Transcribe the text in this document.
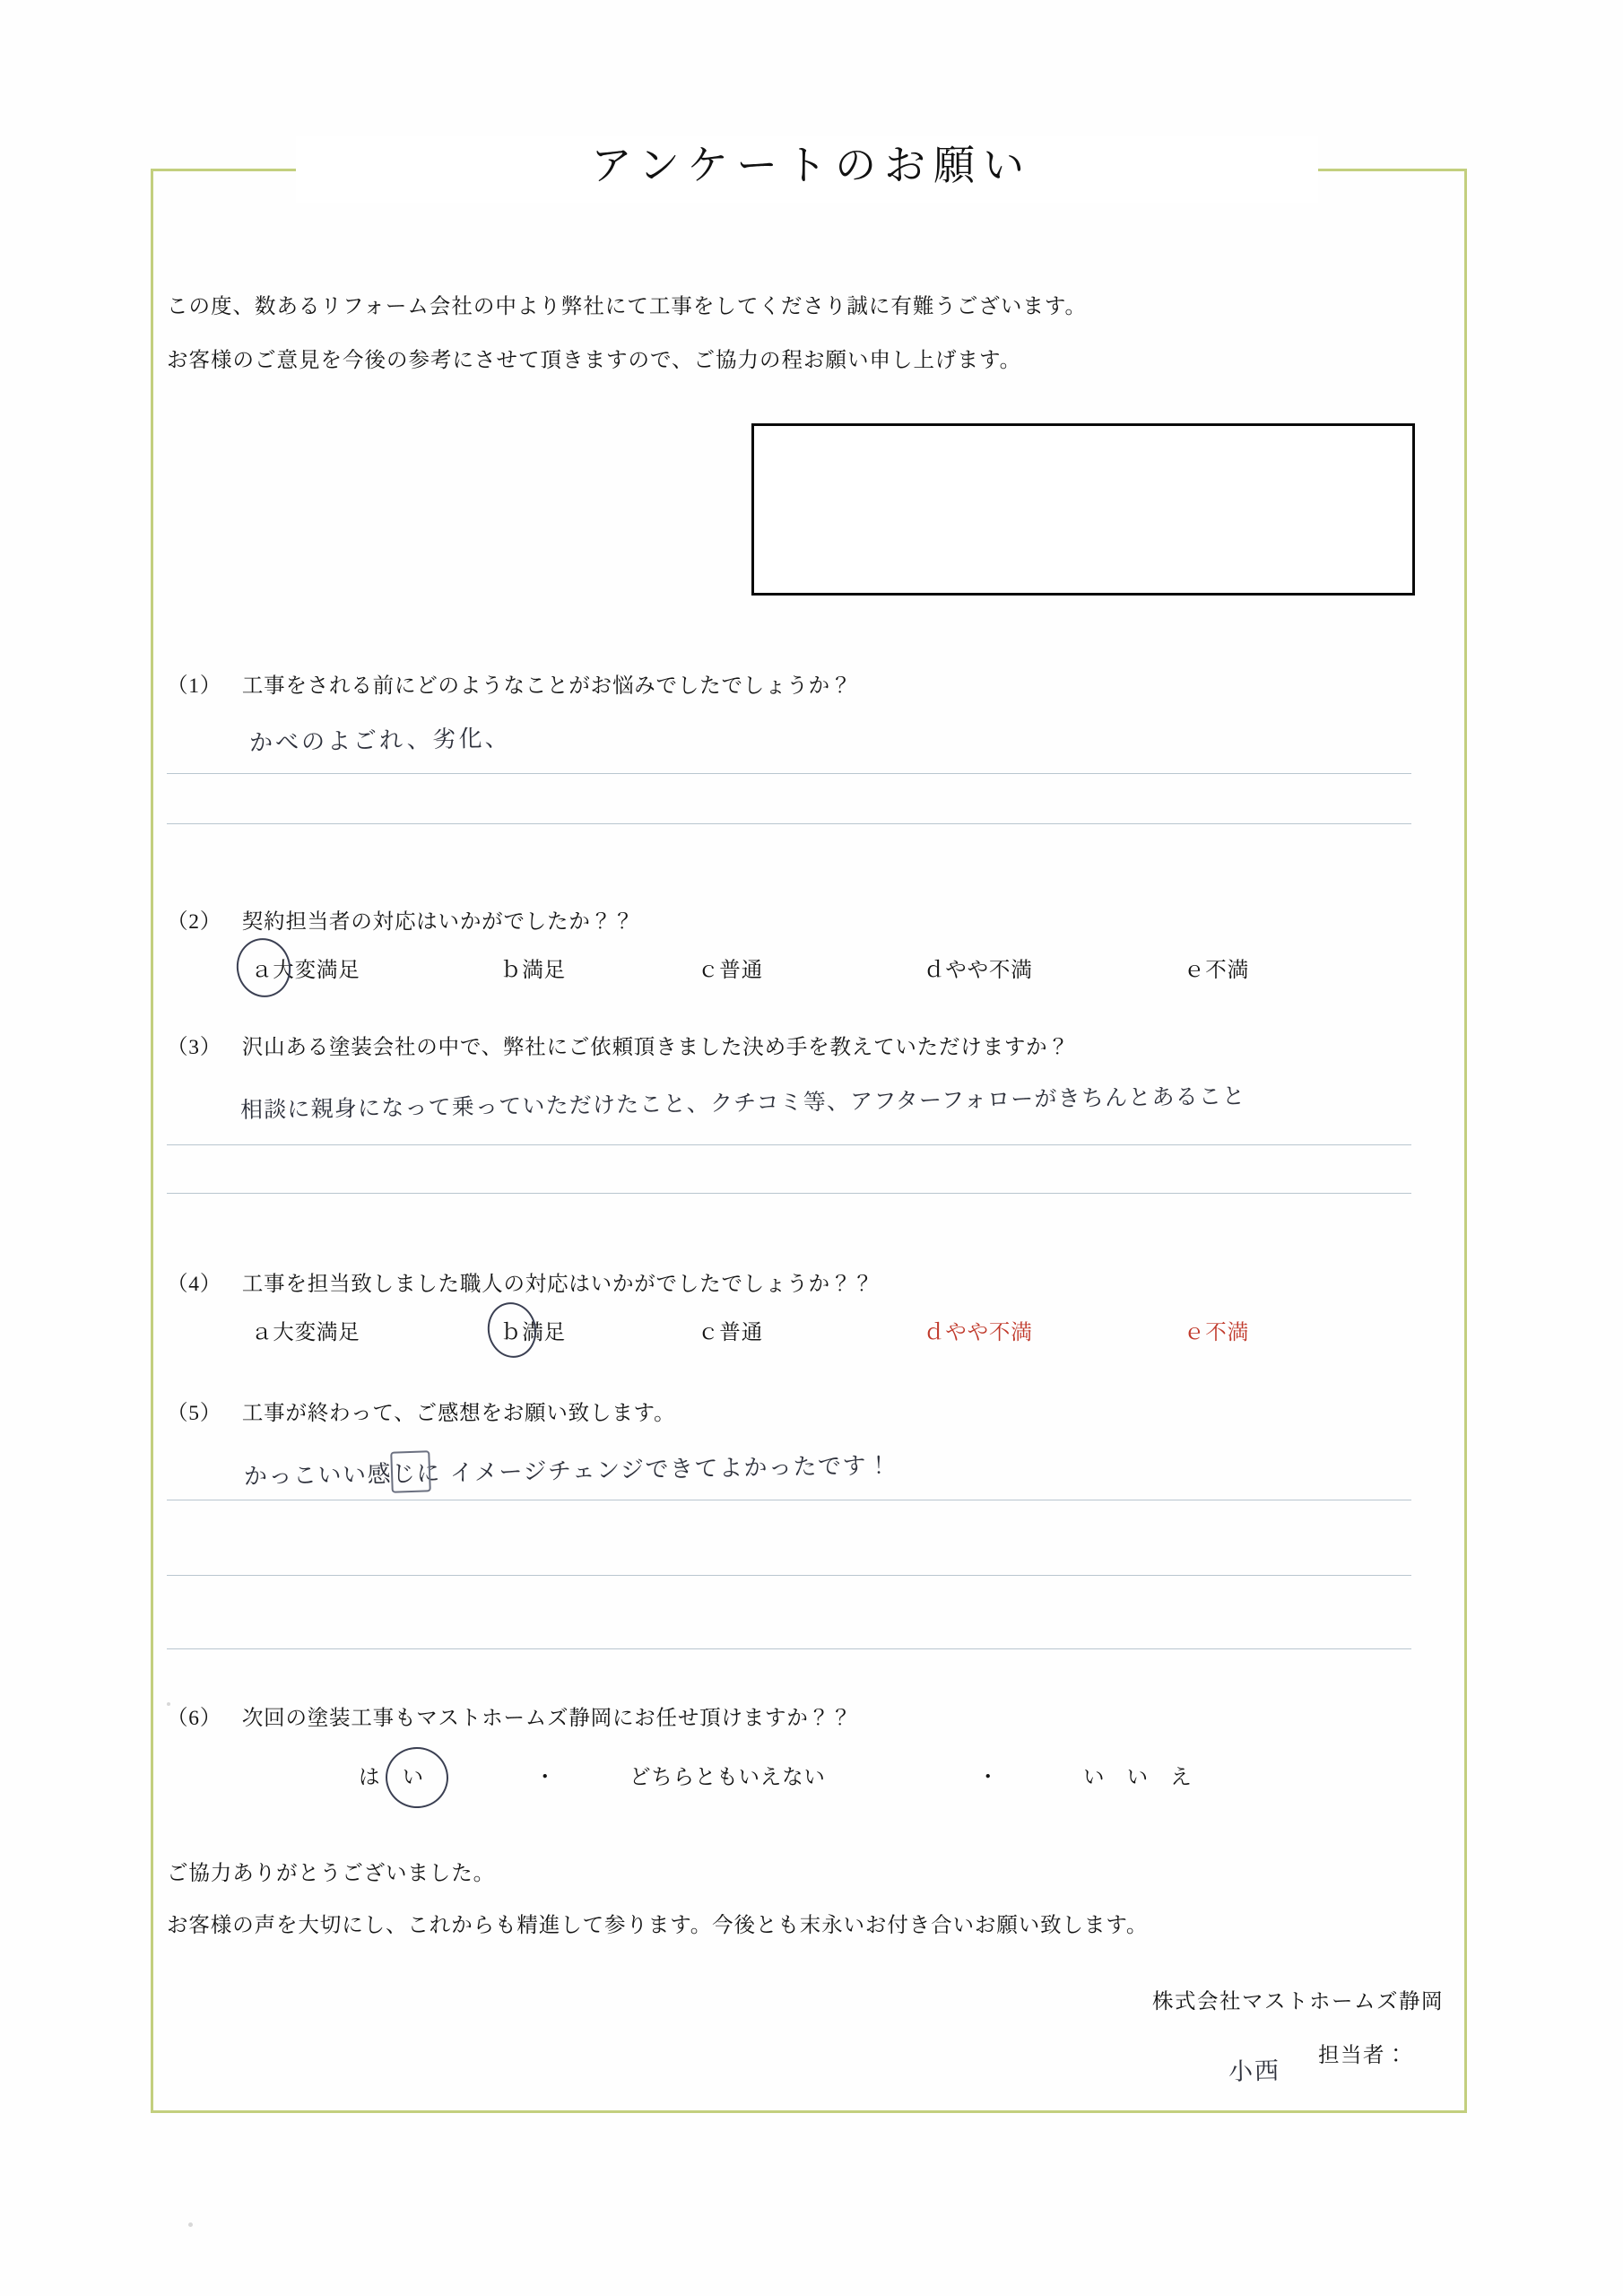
アンケートのお願い
この度、数あるリフォーム会社の中より弊社にて工事をしてくださり誠に有難うございます。
お客様のご意見を今後の参考にさせて頂きますので、ご協力の程お願い申し上げます。
（1） 工事をされる前にどのようなことがお悩みでしたでしょうか？
かべのよごれ、劣化、
（2） 契約担当者の対応はいかがでしたか？？
ａ大変満足	ｂ満足	ｃ普通	ｄやや不満	ｅ不満
（3） 沢山ある塗装会社の中で、弊社にご依頼頂きました決め手を教えていただけますか？
相談に親身になって乗っていただけたこと、クチコミ等、アフターフォローがきちんとあること
（4） 工事を担当致しました職人の対応はいかがでしたでしょうか？？
ａ大変満足	ｂ満足	ｃ普通	ｄやや不満	ｅ不満
（5） 工事が終わって、ご感想をお願い致します。
かっこいい感じに イメージチェンジできてよかったです！
（6） 次回の塗装工事もマストホームズ静岡にお任せ頂けますか？？
は　い	・	どちらともいえない	・	い　い　え
ご協力ありがとうございました。
お客様の声を大切にし、これからも精進して参ります。今後とも末永いお付き合いお願い致します。
株式会社マストホームズ静岡
担当者：
小西
